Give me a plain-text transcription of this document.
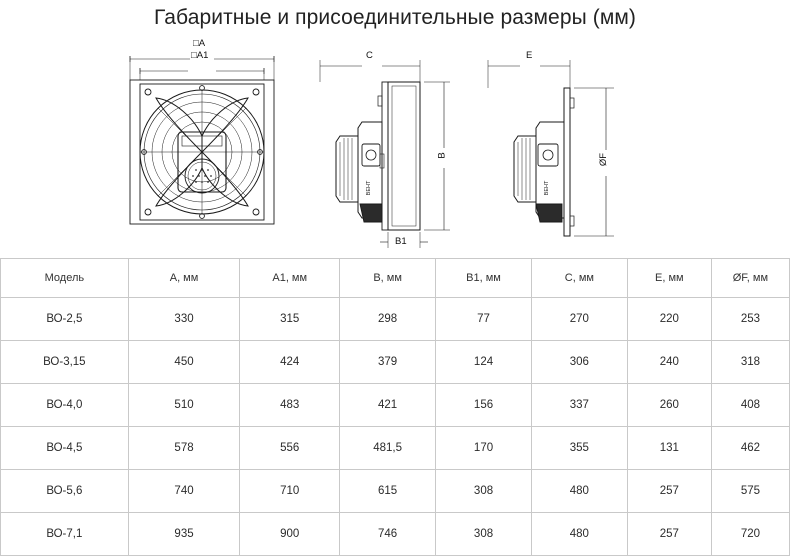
Габаритные и присоединительные размеры (мм)
□A
□A1
ВЕНТ
C
B
B1
ВЕНТ
E
ØF
Модель	A, мм	A1, мм	B, мм	B1, мм	C, мм	E, мм	ØF, мм
ВО-2,5	330	315	298	77	270	220	253
ВО-3,15	450	424	379	124	306	240	318
ВО-4,0	510	483	421	156	337	260	408
ВО-4,5	578	556	481,5	170	355	131	462
ВО-5,6	740	710	615	308	480	257	575
ВО-7,1	935	900	746	308	480	257	720
